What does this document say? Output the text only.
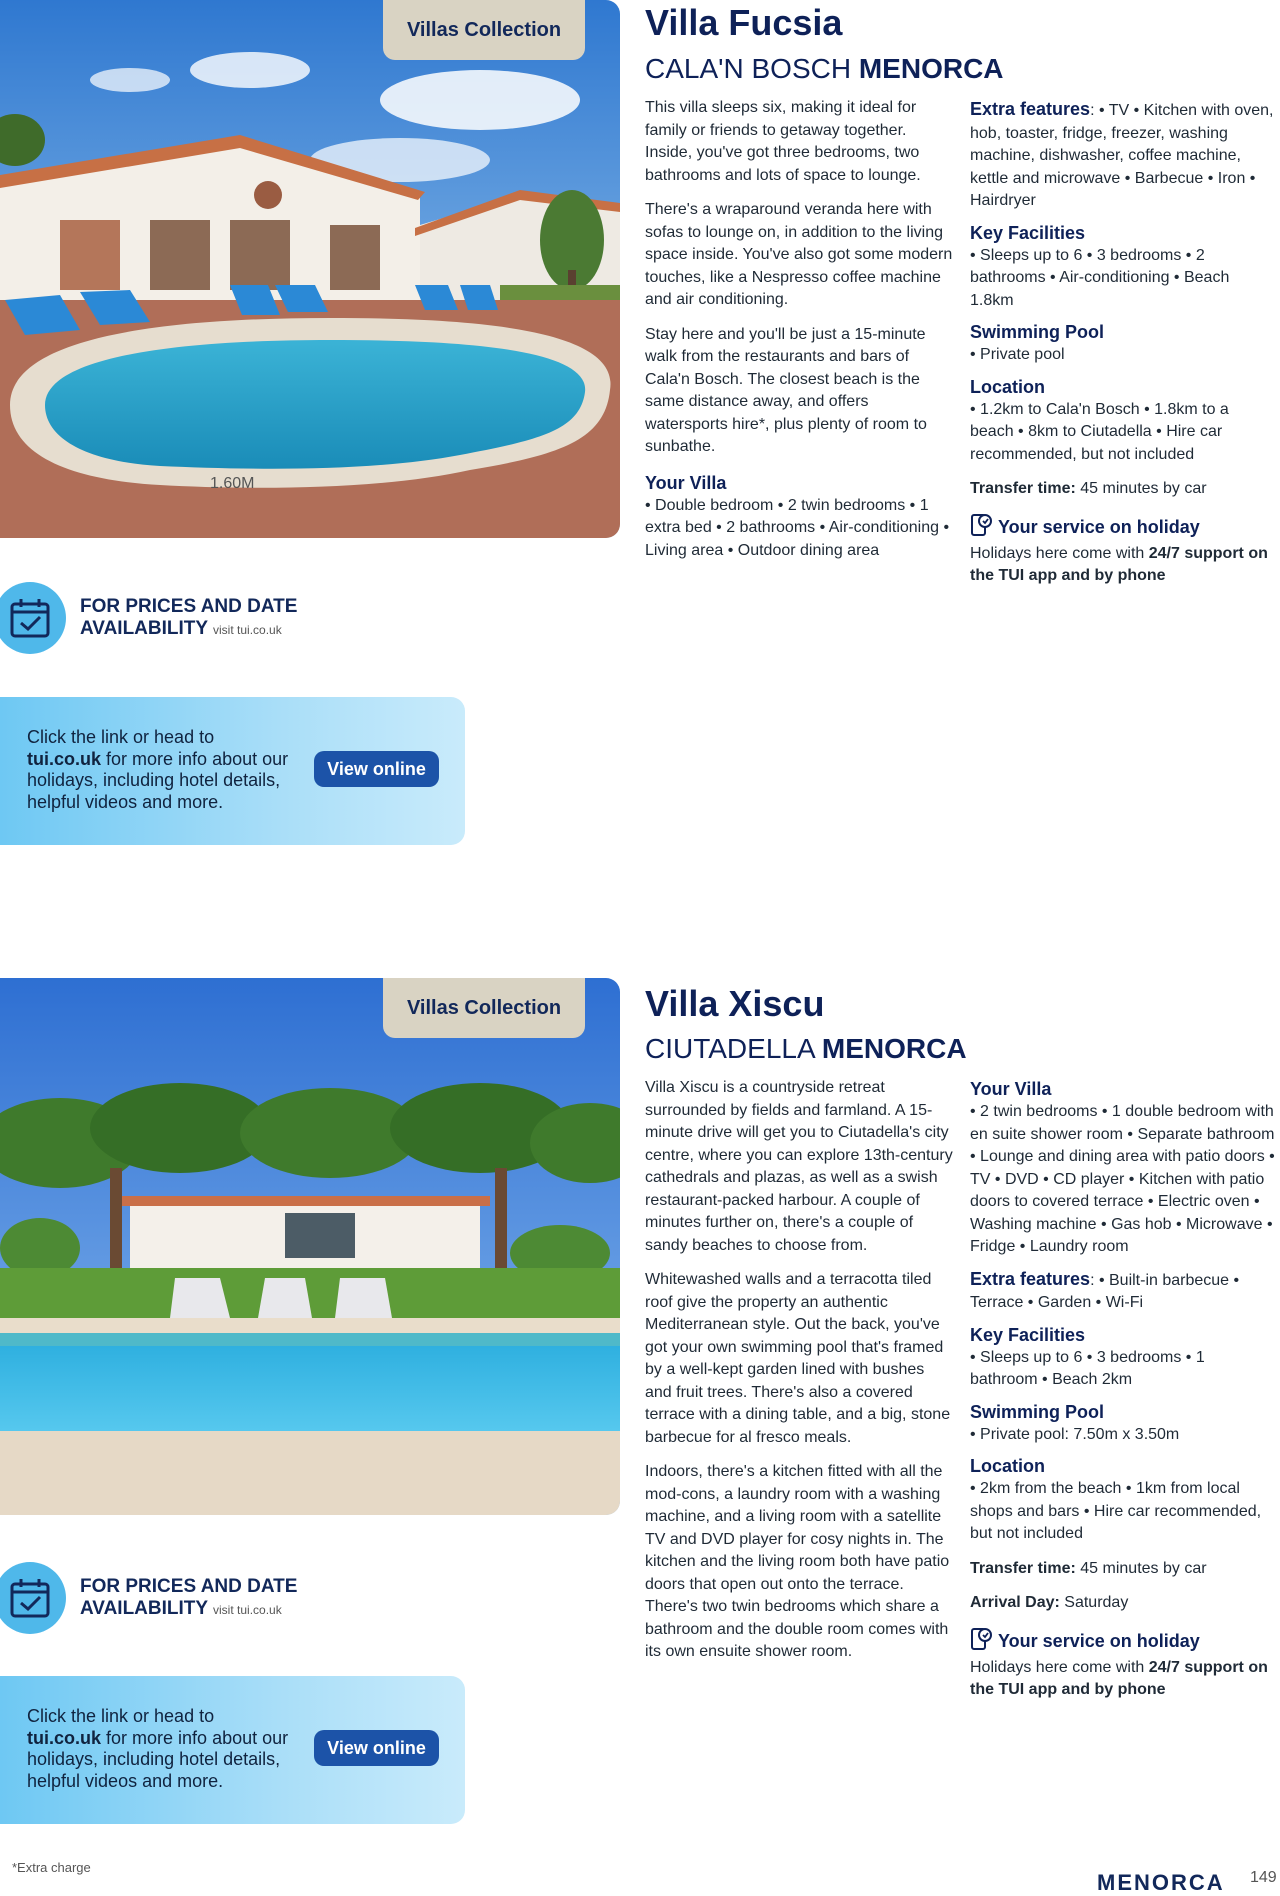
1.60M
Villas Collection	Villa Fucsia
CALA'N BOSCH MENORCA

This villa sleeps six, making it ideal for family or friends to getaway together. Inside, you've got three bedrooms, two bathrooms and lots of space to lounge.

There's a wraparound veranda here with sofas to lounge on, in addition to the living space inside. You've also got some modern touches, like a Nespresso coffee machine and air conditioning.

Stay here and you'll be just a 15-minute walk from the restaurants and bars of Cala'n Bosch. The closest beach is the same distance away, and offers watersports hire*, plus plenty of room to sunbathe.

Your Villa
• Double bedroom • 2 twin bedrooms • 1 extra bed • 2 bathrooms • Air-conditioning • Living area • Outdoor dining area
Extra features: • TV • Kitchen with oven, hob, toaster, fridge, freezer, washing machine, dishwasher, coffee machine, kettle and microwave • Barbecue • Iron • Hairdryer
Key Facilities
• Sleeps up to 6 • 3 bedrooms • 2 bathrooms • Air-conditioning • Beach 1.8km
Swimming Pool
• Private pool
Location
• 1.2km to Cala'n Bosch • 1.8km to a beach • 8km to Ciutadella • Hire car recommended, but not included
Transfer time: 45 minutes by car
Your service on holiday
Holidays here come with 24/7 support on the TUI app and by phone
FOR PRICES AND DATE
AVAILABILITY visit tui.co.uk
Click the link or head to
tui.co.uk for more info about our holidays, including hotel details, helpful videos and more.
View online
Villas Collection	Villa Xiscu
CIUTADELLA MENORCA

Villa Xiscu is a countryside retreat surrounded by fields and farmland. A 15-minute drive will get you to Ciutadella's city centre, where you can explore 13th-century cathedrals and plazas, as well as a swish restaurant-packed harbour. A couple of minutes further on, there's a couple of sandy beaches to choose from.

Whitewashed walls and a terracotta tiled roof give the property an authentic Mediterranean style. Out the back, you've got your own swimming pool that's framed by a well-kept garden lined with bushes and fruit trees. There's also a covered terrace with a dining table, and a big, stone barbecue for al fresco meals.

Indoors, there's a kitchen fitted with all the mod-cons, a laundry room with a washing machine, and a living room with a satellite TV and DVD player for cosy nights in. The kitchen and the living room both have patio doors that open out onto the terrace. There's two twin bedrooms which share a bathroom and the double room comes with its own ensuite shower room.

Your Villa
• 2 twin bedrooms • 1 double bedroom with en suite shower room • Separate bathroom • Lounge and dining area with patio doors • TV • DVD • CD player • Kitchen with patio doors to covered terrace • Electric oven • Washing machine • Gas hob • Microwave • Fridge • Laundry room
Extra features: • Built-in barbecue • Terrace • Garden • Wi-Fi
Key Facilities
• Sleeps up to 6 • 3 bedrooms • 1 bathroom • Beach 2km
Swimming Pool
• Private pool: 7.50m x 3.50m
Location
• 2km from the beach • 1km from local shops and bars • Hire car recommended, but not included
Transfer time: 45 minutes by car
Arrival Day: Saturday
Your service on holiday
Holidays here come with 24/7 support on the TUI app and by phone
FOR PRICES AND DATE
AVAILABILITY visit tui.co.uk
Click the link or head to
tui.co.uk for more info about our holidays, including hotel details, helpful videos and more.
View online
*Extra charge
MENORCA 149
